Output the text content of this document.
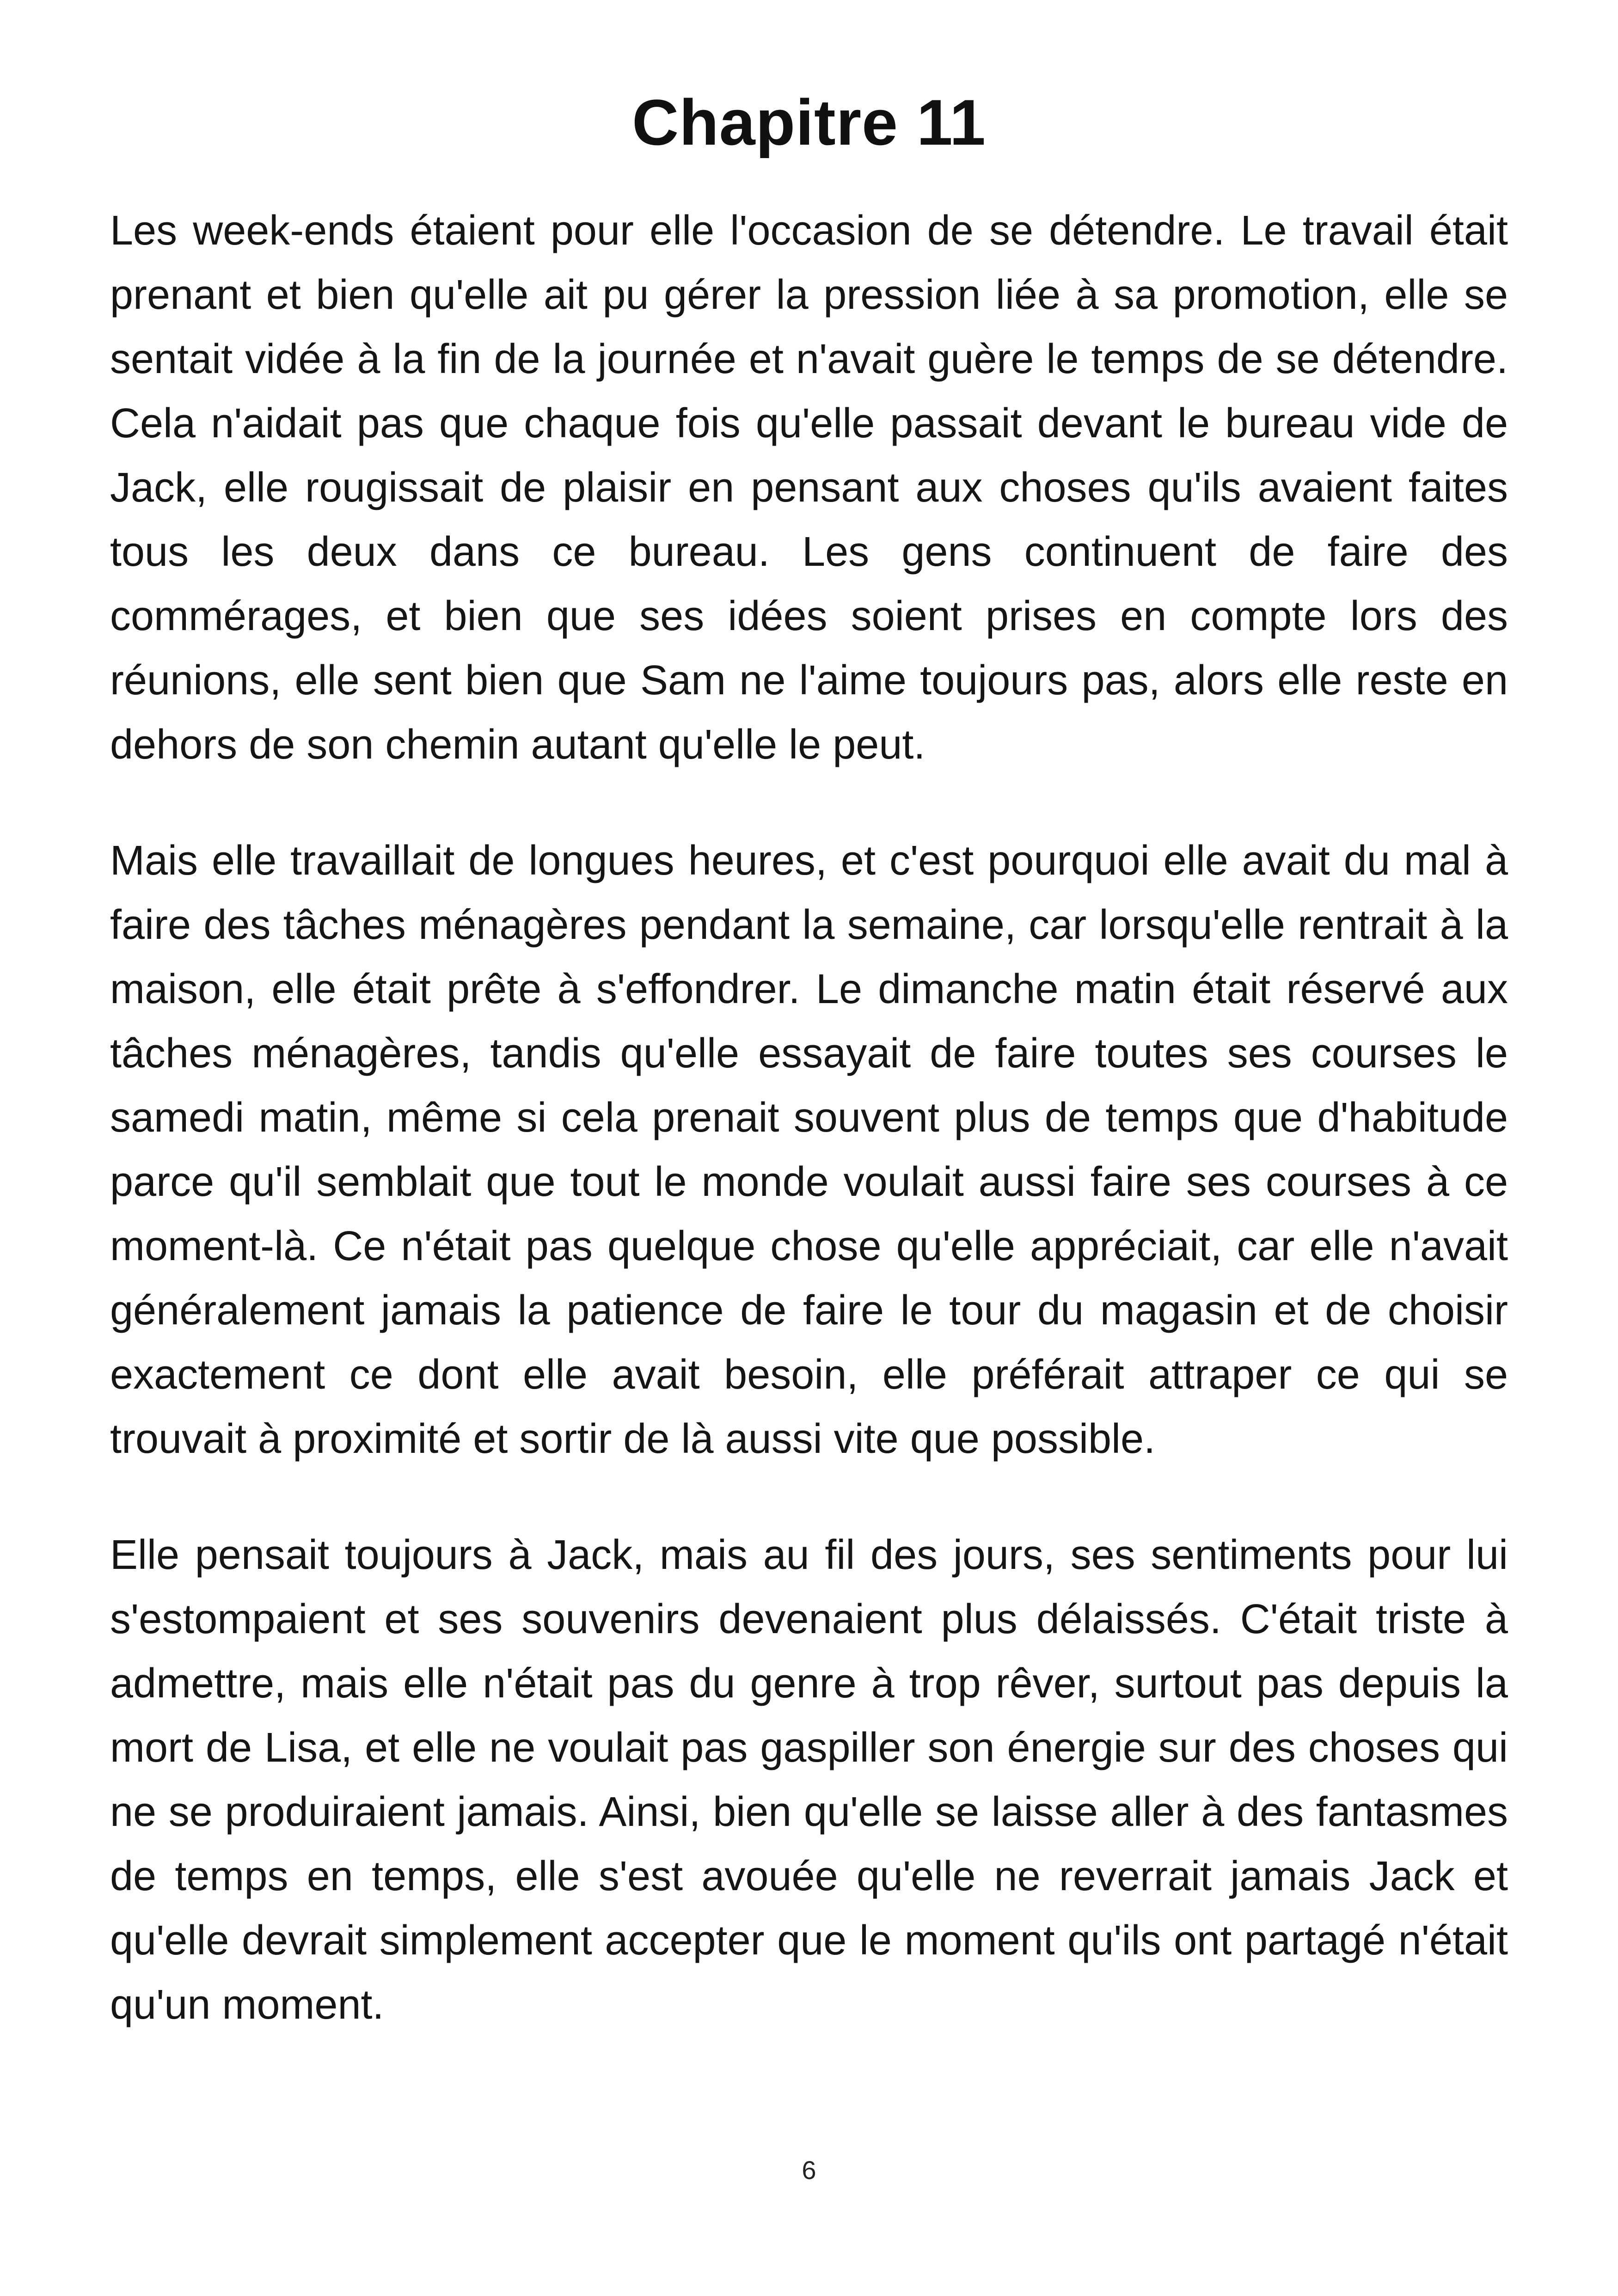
Chapitre 11

Les week-ends étaient pour elle l'occasion de se détendre. Le travail était prenant et bien qu'elle ait pu gérer la pression liée à sa promotion, elle se sentait vidée à la fin de la journée et n'avait guère le temps de se détendre. Cela n'aidait pas que chaque fois qu'elle passait devant le bureau vide de Jack, elle rougissait de plaisir en pensant aux choses qu'ils avaient faites tous les deux dans ce bureau. Les gens continuent de faire des commérages, et bien que ses idées soient prises en compte lors des réunions, elle sent bien que Sam ne l'aime toujours pas, alors elle reste en dehors de son chemin autant qu'elle le peut.

Mais elle travaillait de longues heures, et c'est pourquoi elle avait du mal à faire des tâches ménagères pendant la semaine, car lorsqu'elle rentrait à la maison, elle était prête à s'effondrer. Le dimanche matin était réservé aux tâches ménagères, tandis qu'elle essayait de faire toutes ses courses le samedi matin, même si cela prenait souvent plus de temps que d'habitude parce qu'il semblait que tout le monde voulait aussi faire ses courses à ce moment-là. Ce n'était pas quelque chose qu'elle appréciait, car elle n'avait généralement jamais la patience de faire le tour du magasin et de choisir exactement ce dont elle avait besoin, elle préférait attraper ce qui se trouvait à proximité et sortir de là aussi vite que possible.

Elle pensait toujours à Jack, mais au fil des jours, ses sentiments pour lui s'estompaient et ses souvenirs devenaient plus délaissés. C'était triste à admettre, mais elle n'était pas du genre à trop rêver, surtout pas depuis la mort de Lisa, et elle ne voulait pas gaspiller son énergie sur des choses qui ne se produiraient jamais. Ainsi, bien qu'elle se laisse aller à des fantasmes de temps en temps, elle s'est avouée qu'elle ne reverrait jamais Jack et qu'elle devrait simplement accepter que le moment qu'ils ont partagé n'était qu'un moment.

6
